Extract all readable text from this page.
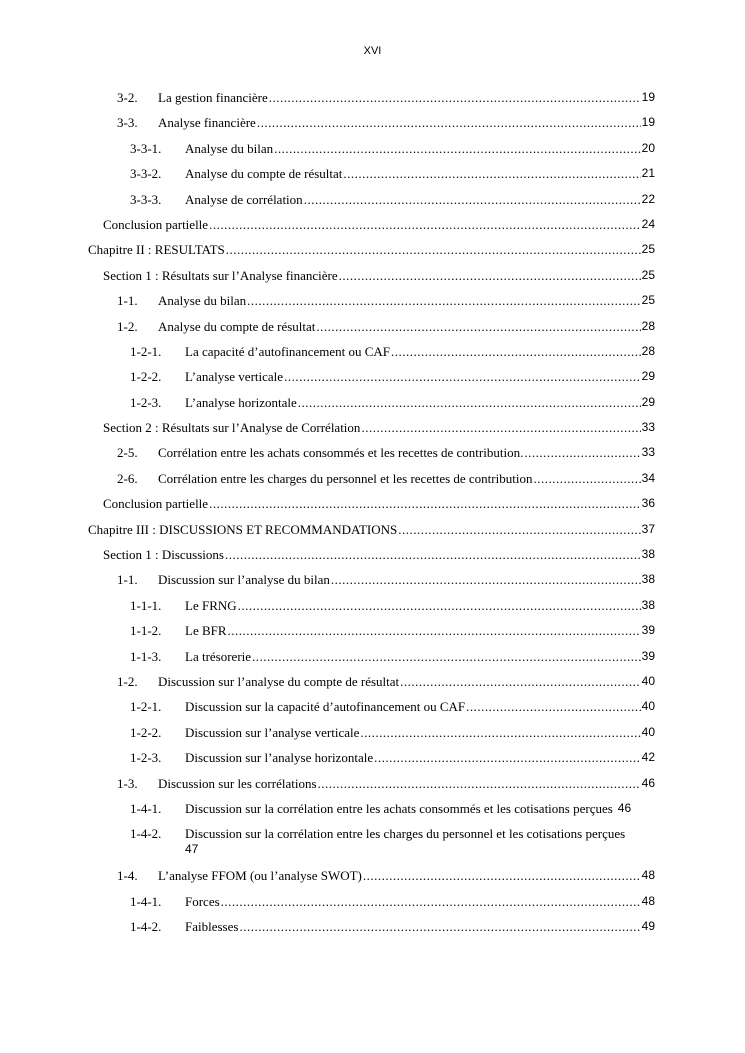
XVI
3-2.	La gestion financière .....	19
3-3.	Analyse financière .....	19
3-3-1.	Analyse du bilan .....	20
3-3-2.	Analyse du compte de résultat .....	21
3-3-3.	Analyse de corrélation .....	22
Conclusion partielle .....	24
Chapitre II : RESULTATS .....	25
Section 1 : Résultats sur l’Analyse financière .....	25
1-1.	Analyse du bilan .....	25
1-2.	Analyse du compte de résultat .....	28
1-2-1.	La capacité d’autofinancement ou CAF .....	28
1-2-2.	L’analyse verticale .....	29
1-2-3.	L’analyse horizontale .....	29
Section 2 : Résultats sur l’Analyse de Corrélation .....	33
2-5.	Corrélation entre les achats consommés et les recettes de contribution. .....	33
2-6.	Corrélation entre les charges du personnel et les recettes de contribution .....	34
Conclusion partielle .....	36
Chapitre III : DISCUSSIONS ET RECOMMANDATIONS .....	37
Section 1 : Discussions .....	38
1-1.	Discussion sur l’analyse du bilan .....	38
1-1-1.	Le FRNG .....	38
1-1-2.	Le BFR .....	39
1-1-3.	La trésorerie .....	39
1-2.	Discussion sur l’analyse du compte de résultat .....	40
1-2-1.	Discussion sur la capacité d’autofinancement ou CAF .....	40
1-2-2.	Discussion sur l’analyse verticale .....	40
1-2-3.	Discussion sur l’analyse horizontale .....	42
1-3.	Discussion sur les corrélations .....	46
1-4-1.	Discussion sur la corrélation entre les achats consommés et les cotisations perçues 46
1-4-2.	Discussion sur la corrélation entre les charges du personnel et les cotisations perçues
47
1-4.	L’analyse FFOM (ou l’analyse SWOT) .....	48
1-4-1.	Forces .....	48
1-4-2.	Faiblesses .....	49
